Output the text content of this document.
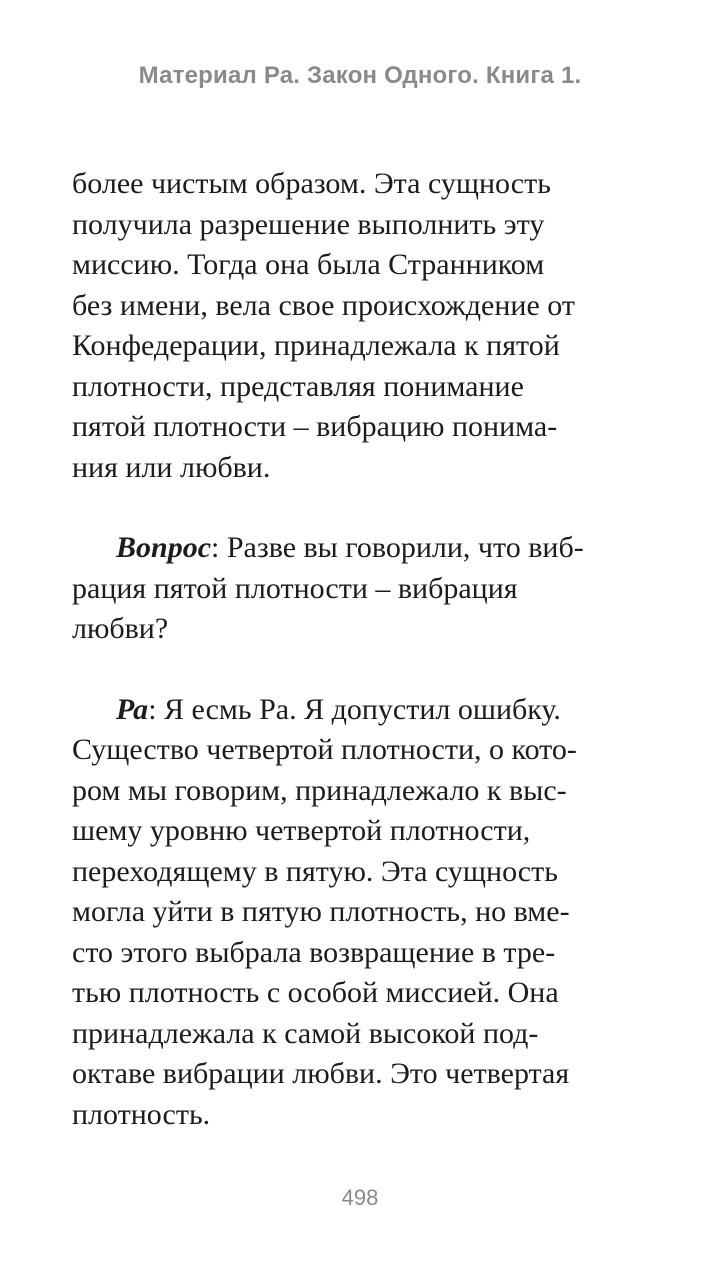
Материал Ра. Закон Одного. Книга 1.
более чистым образом. Эта сущность
получила разрешение выполнить эту
миссию. Тогда она была Странником
без имени, вела свое происхождение от
Конфедерации, принадлежала к пятой
плотности, представляя понимание
пятой плотности – вибрацию понима-
ния или любви.
Вопрос: Разве вы говорили, что виб-
рация пятой плотности – вибрация
любви?
Ра: Я есмь Ра. Я допустил ошибку.
Существо четвертой плотности, о кото-
ром мы говорим, принадлежало к выс-
шему уровню четвертой плотности,
переходящему в пятую. Эта сущность
могла уйти в пятую плотность, но вме-
сто этого выбрала возвращение в тре-
тью плотность с особой миссией. Она
принадлежала к самой высокой под-
октаве вибрации любви. Это четвертая
плотность.
498
